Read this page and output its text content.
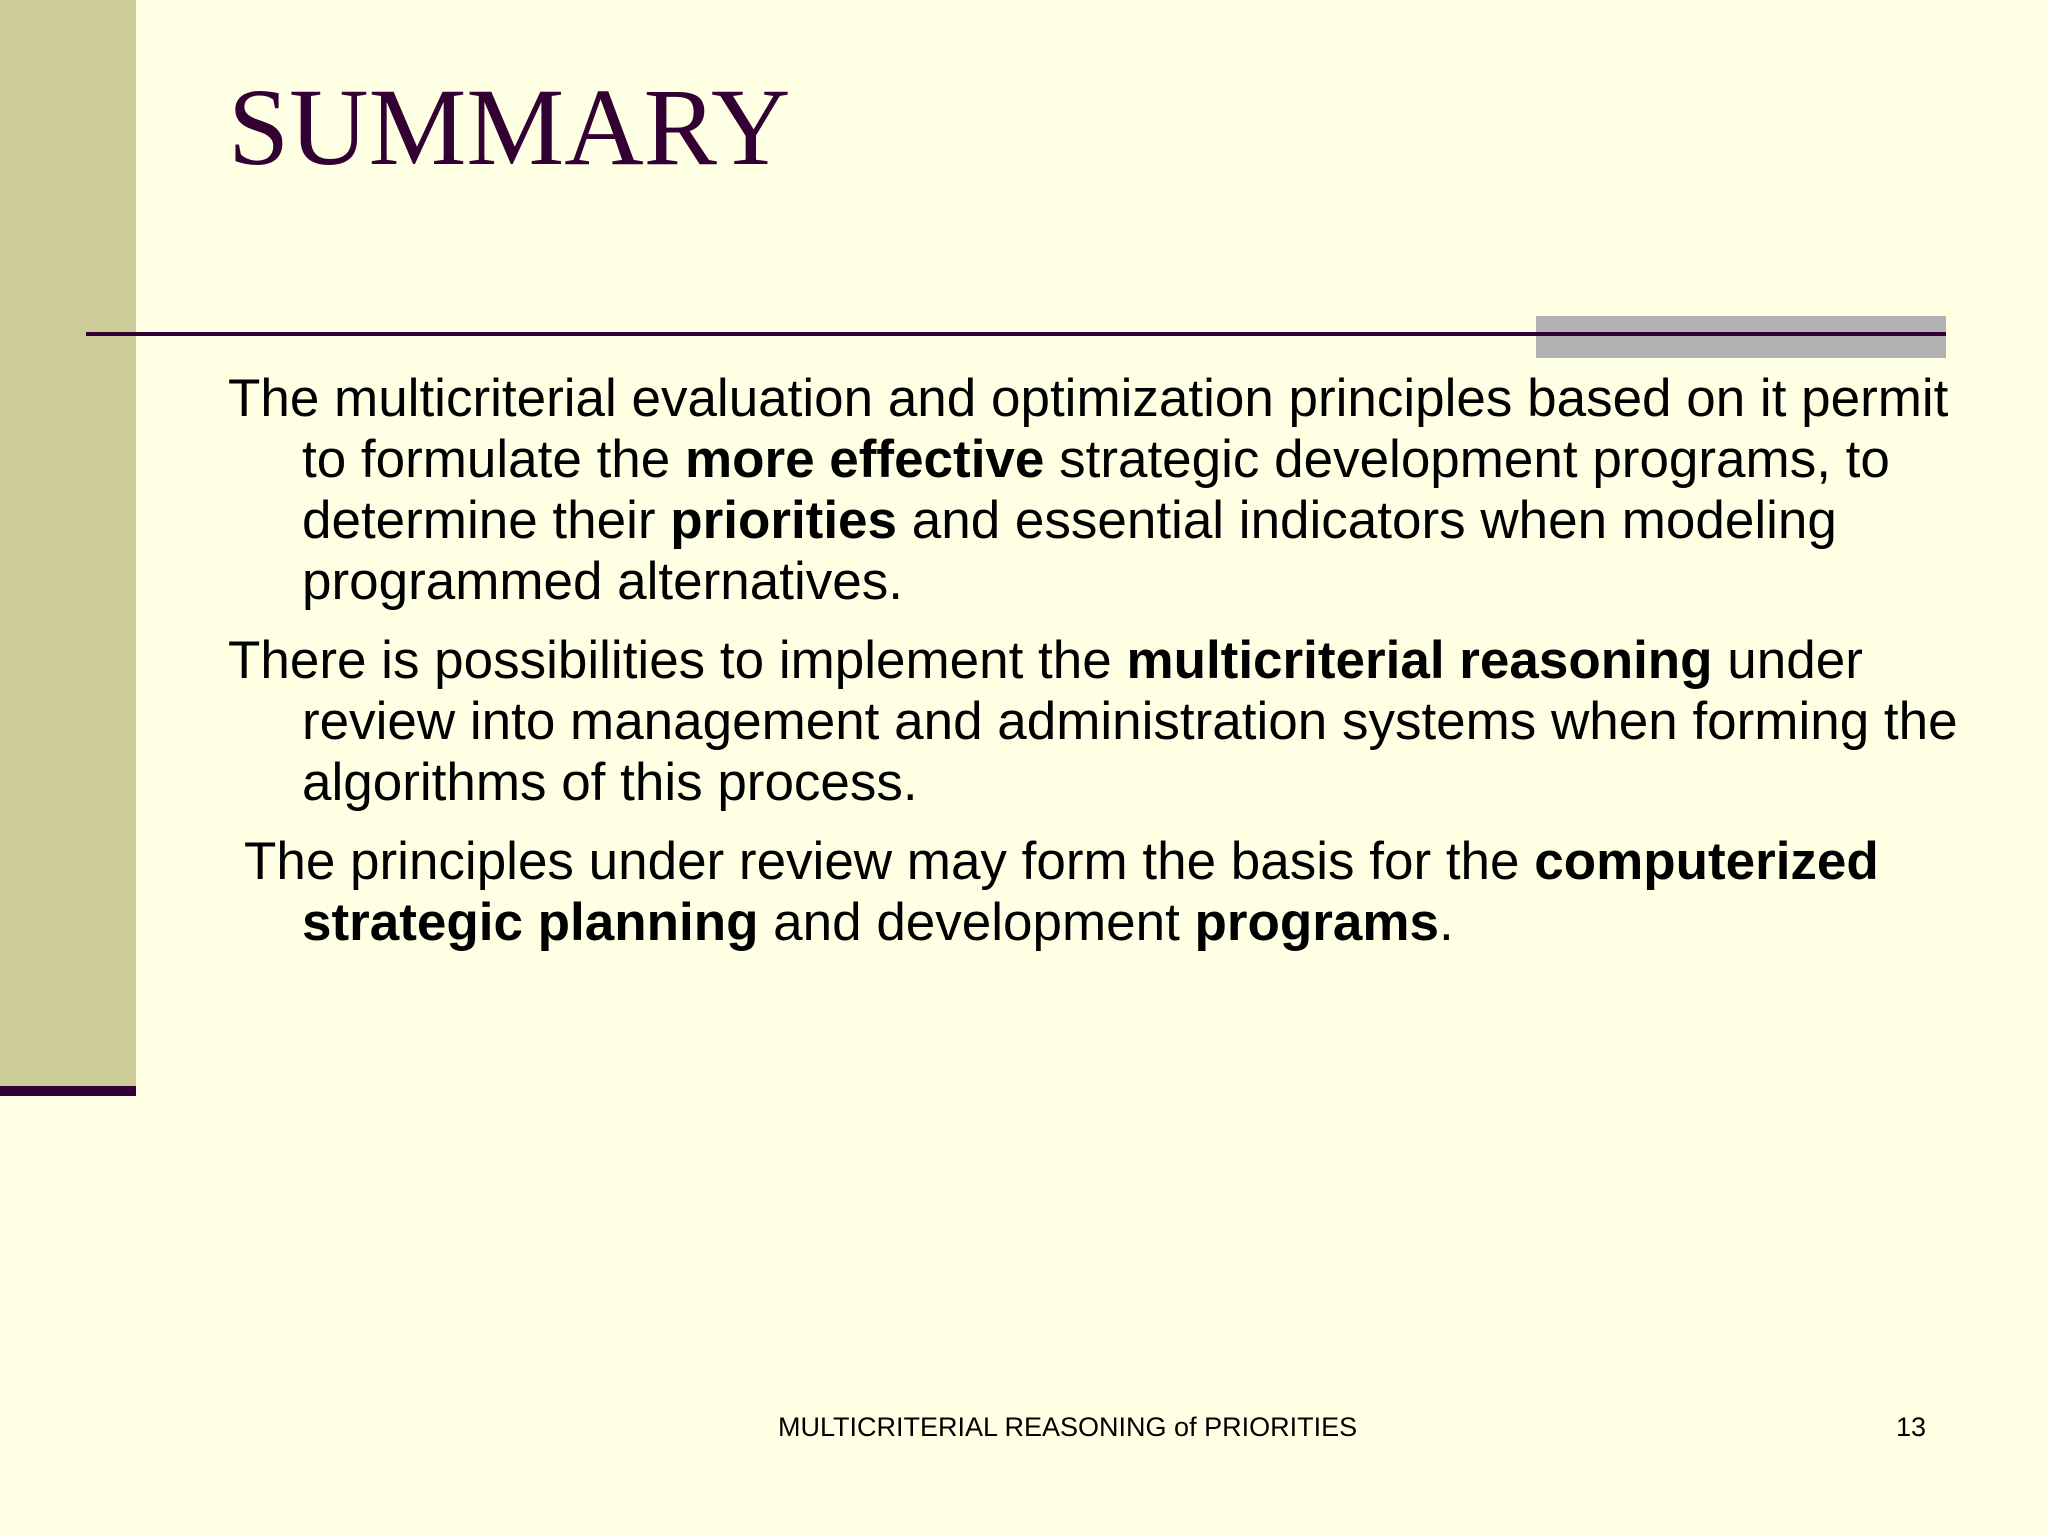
SUMMARY

The multicriterial evaluation and optimization principles based on it permit to formulate the more effective strategic development programs, to determine their priorities and essential indicators when modeling programmed alternatives.

There is possibilities to implement the multicriterial reasoning under review into management and administration systems when forming the algorithms of this process.

The principles under review may form the basis for the computerized strategic planning and development programs.

MULTICRITERIAL REASONING of PRIORITIES	13
